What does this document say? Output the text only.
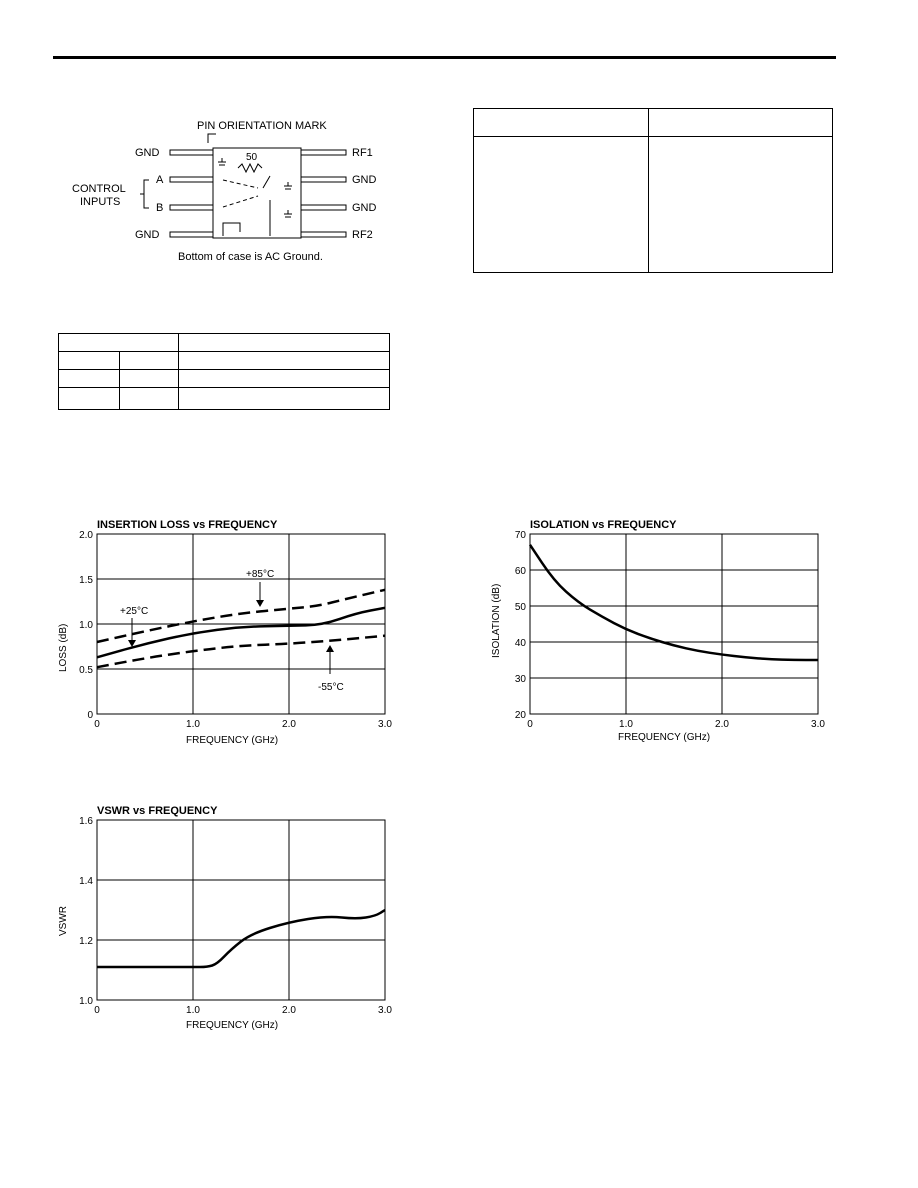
PIN ORIENTATION MARK
GND
A
B
GND
RF1
GND
GND
RF2
CONTROL
INPUTS
50
Bottom of case is AC Ground.
INSERTION LOSS vs FREQUENCY
0	1.0	2.0	3.0
0
0.5
1.0
1.5
2.0
FREQUENCY (GHz)
LOSS (dB)
+85°C
+25°C
-55°C
ISOLATION vs FREQUENCY
0	1.0	2.0	3.0
20
30
40
50
60
70
FREQUENCY (GHz)
ISOLATION (dB)
VSWR vs FREQUENCY
0	1.0	2.0	3.0
1.0
1.2
1.4
1.6
FREQUENCY (GHz)
VSWR
